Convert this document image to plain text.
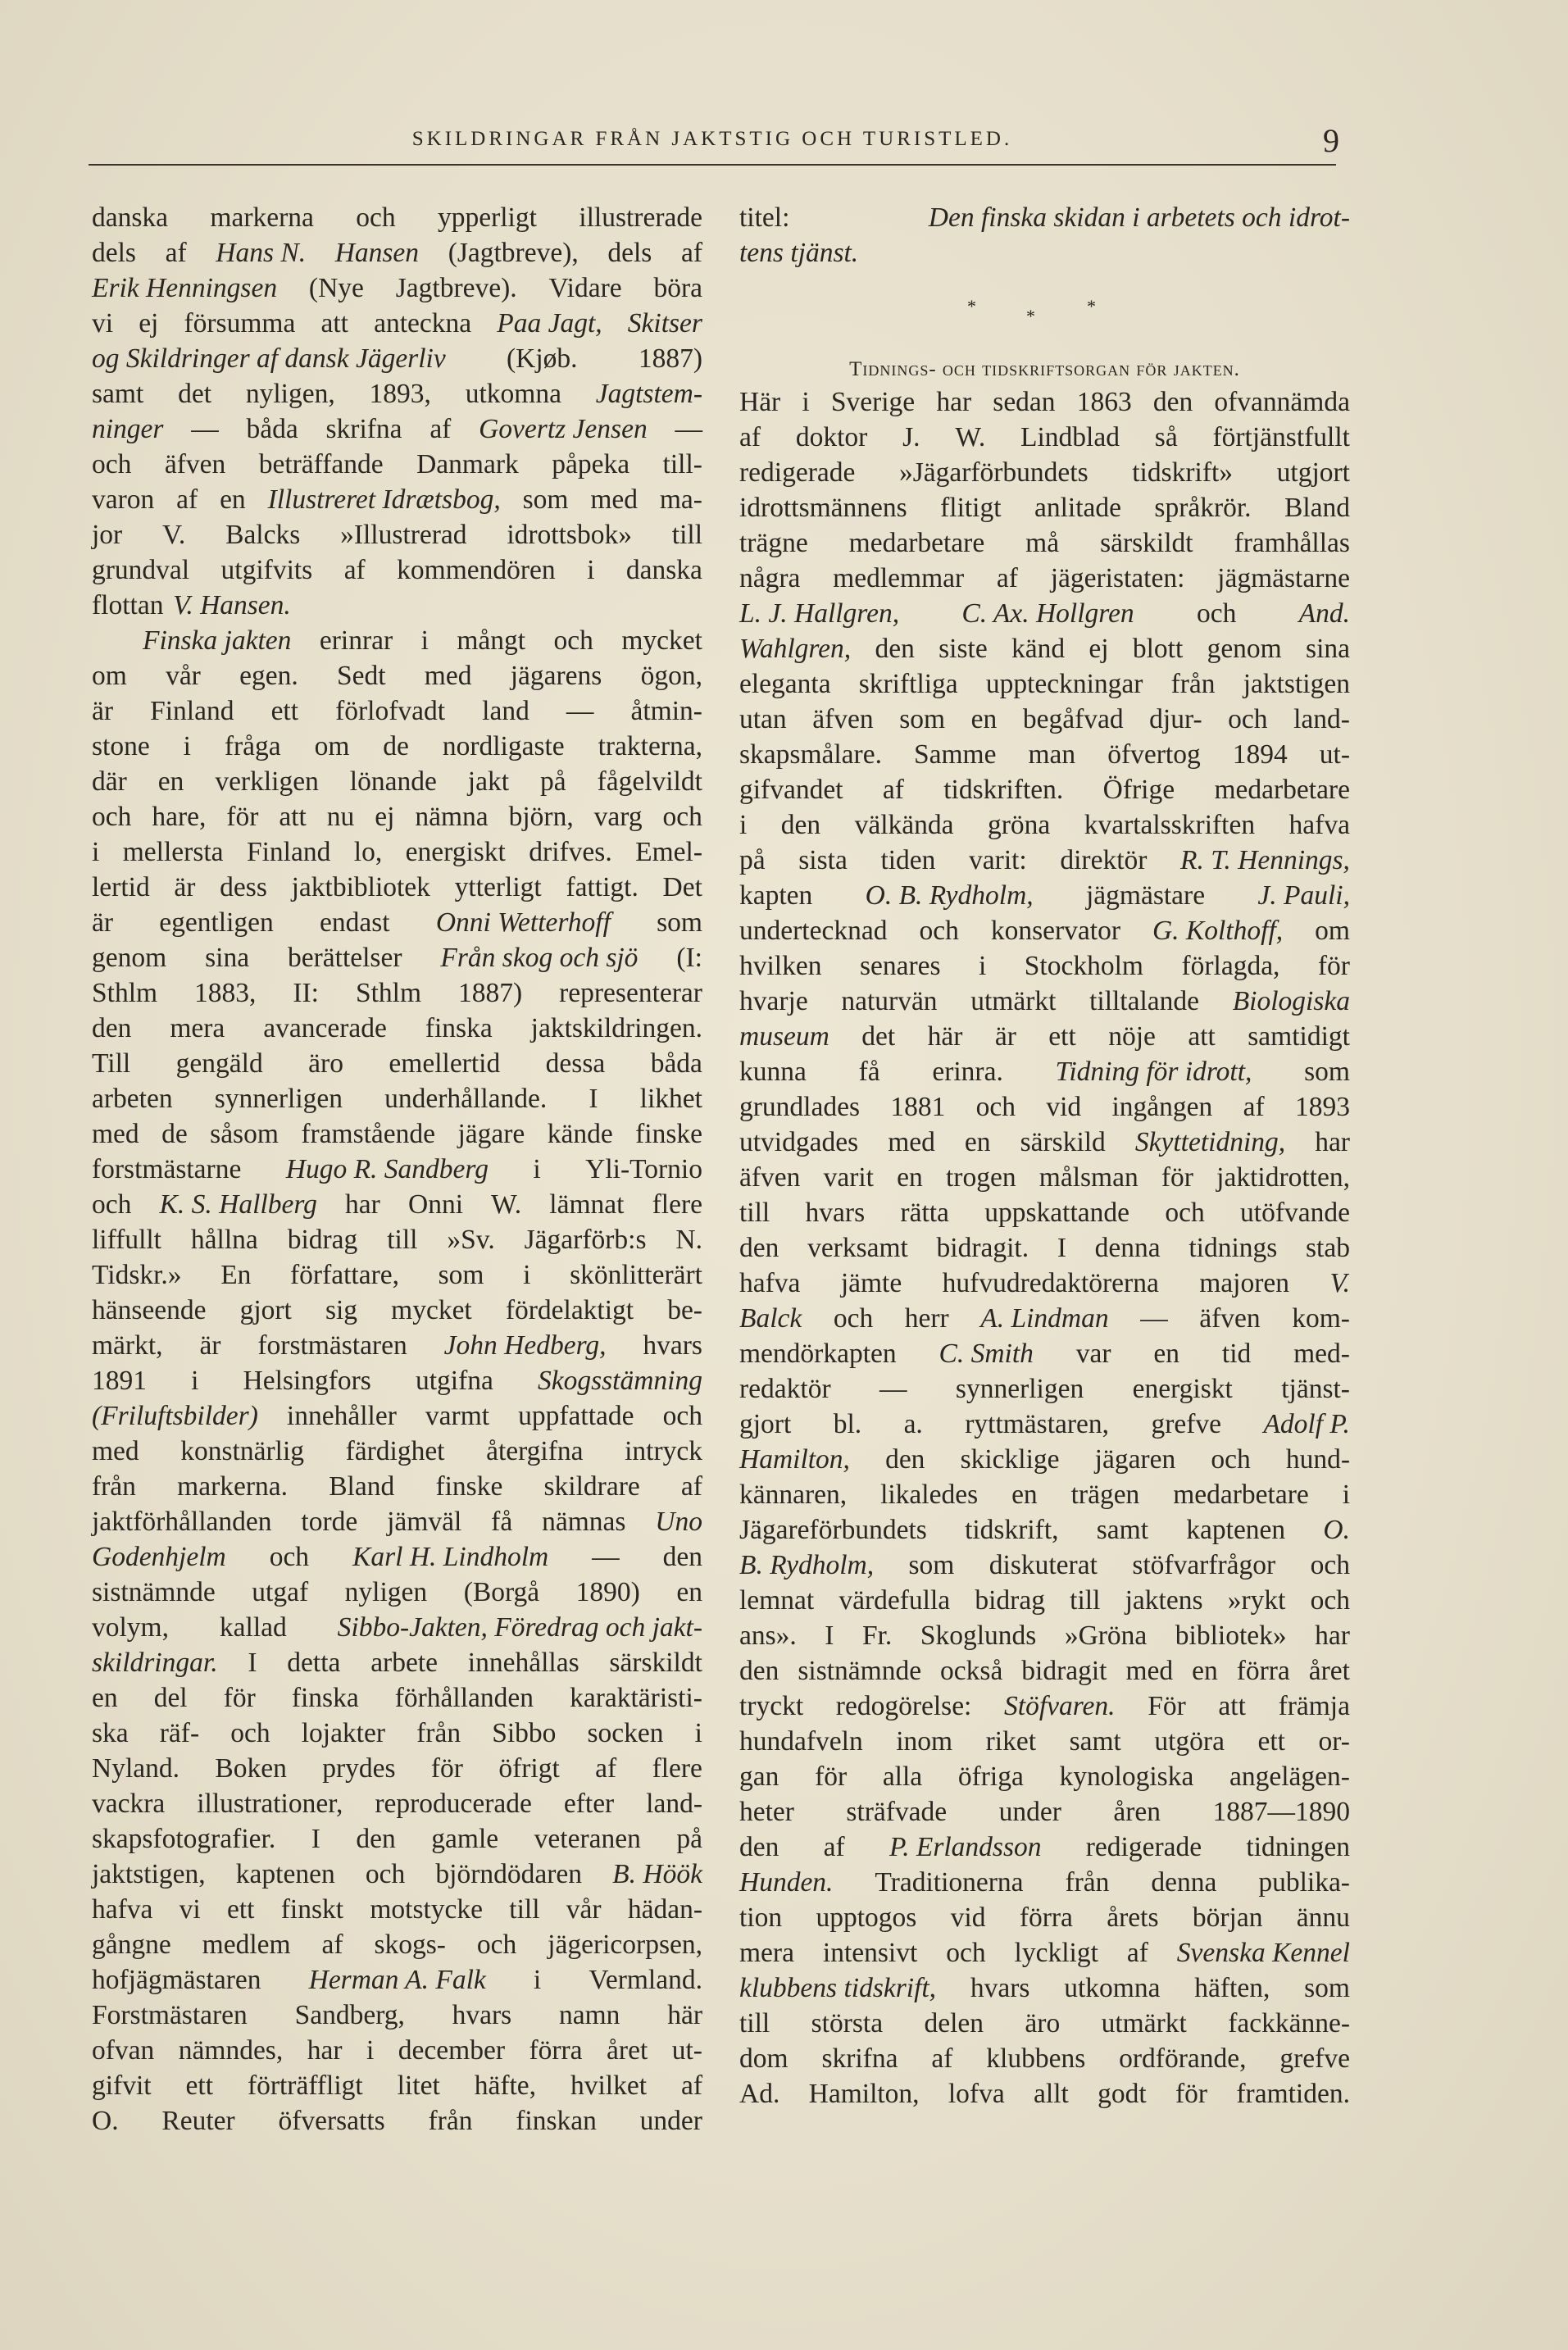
SKILDRINGAR FRÅN JAKTSTIG OCH TURISTLED.	9
danska markerna och ypperligt illustrerade
dels af Hans N. Hansen (Jagtbreve), dels af
Erik Henningsen (Nye Jagtbreve). Vidare böra
vi ej försumma att anteckna Paa Jagt, Skitser
og Skildringer af dansk Jägerliv (Kjøb. 1887)
samt det nyligen, 1893, utkomna Jagtstem-
ninger — båda skrifna af Govertz Jensen —
och äfven beträffande Danmark påpeka till-
varon af en Illustreret Idrætsbog, som med ma-
jor V. Balcks »Illustrerad idrottsbok» till
grundval utgifvits af kommendören i danska
flottan V. Hansen.
Finska jakten erinrar i mångt och mycket
om vår egen. Sedt med jägarens ögon,
är Finland ett förlofvadt land — åtmin-
stone i fråga om de nordligaste trakterna,
där en verkligen lönande jakt på fågelvildt
och hare, för att nu ej nämna björn, varg och
i mellersta Finland lo, energiskt drifves. Emel-
lertid är dess jaktbibliotek ytterligt fattigt. Det
är egentligen endast Onni Wetterhoff som
genom sina berättelser Från skog och sjö (I:
Sthlm 1883, II: Sthlm 1887) representerar
den mera avancerade finska jaktskildringen.
Till gengäld äro emellertid dessa båda
arbeten synnerligen underhållande. I likhet
med de såsom framstående jägare kände finske
forstmästarne Hugo R. Sandberg i Yli-Tornio
och K. S. Hallberg har Onni W. lämnat flere
liffullt hållna bidrag till »Sv. Jägarförb:s N.
Tidskr.» En författare, som i skönlitterärt
hänseende gjort sig mycket fördelaktigt be-
märkt, är forstmästaren John Hedberg, hvars
1891 i Helsingfors utgifna Skogsstämning
(Friluftsbilder) innehåller varmt uppfattade och
med konstnärlig färdighet återgifna intryck
från markerna. Bland finske skildrare af
jaktförhållanden torde jämväl få nämnas Uno
Godenhjelm och Karl H. Lindholm — den
sistnämnde utgaf nyligen (Borgå 1890) en
volym, kallad Sibbo-Jakten, Föredrag och jakt-
skildringar. I detta arbete innehållas särskildt
en del för finska förhållanden karaktäristi-
ska räf- och lojakter från Sibbo socken i
Nyland. Boken prydes för öfrigt af flere
vackra illustrationer, reproducerade efter land-
skapsfotografier. I den gamle veteranen på
jaktstigen, kaptenen och björndödaren B. Höök
hafva vi ett finskt motstycke till vår hädan-
gångne medlem af skogs- och jägericorpsen,
hofjägmästaren Herman A. Falk i Vermland.
Forstmästaren Sandberg, hvars namn här
ofvan nämndes, har i december förra året ut-
gifvit ett förträffligt litet häfte, hvilket af
O. Reuter öfversatts från finskan under
titel:	Den finska skidan i arbetets och idrot-
tens tjänst.
*	*	*
Tidnings- och tidskriftsorgan för jakten.
Här i Sverige har sedan 1863 den ofvannämda
af doktor J. W. Lindblad så förtjänstfullt
redigerade »Jägarförbundets tidskrift» utgjort
idrottsmännens flitigt anlitade språkrör. Bland
trägne medarbetare må särskildt framhållas
några medlemmar af jägeristaten: jägmästarne
L. J. Hallgren, C. Ax. Hollgren och And.
Wahlgren, den siste känd ej blott genom sina
eleganta skriftliga uppteckningar från jaktstigen
utan äfven som en begåfvad djur- och land-
skapsmålare. Samme man öfvertog 1894 ut-
gifvandet af tidskriften. Öfrige medarbetare
i den välkända gröna kvartalsskriften hafva
på sista tiden varit: direktör R. T. Hennings,
kapten O. B. Rydholm, jägmästare J. Pauli,
undertecknad och konservator G. Kolthoff, om
hvilken senares i Stockholm förlagda, för
hvarje naturvän utmärkt tilltalande Biologiska
museum det här är ett nöje att samtidigt
kunna få erinra. Tidning för idrott, som
grundlades 1881 och vid ingången af 1893
utvidgades med en särskild Skyttetidning, har
äfven varit en trogen målsman för jaktidrotten,
till hvars rätta uppskattande och utöfvande
den verksamt bidragit. I denna tidnings stab
hafva jämte hufvudredaktörerna majoren V.
Balck och herr A. Lindman — äfven kom-
mendörkapten C. Smith var en tid med-
redaktör — synnerligen energiskt tjänst-
gjort bl. a. ryttmästaren, grefve Adolf P.
Hamilton, den skicklige jägaren och hund-
kännaren, likaledes en trägen medarbetare i
Jägareförbundets tidskrift, samt kaptenen O.
B. Rydholm, som diskuterat stöfvarfrågor och
lemnat värdefulla bidrag till jaktens »rykt och
ans». I Fr. Skoglunds »Gröna bibliotek» har
den sistnämnde också bidragit med en förra året
tryckt redogörelse: Stöfvaren. För att främja
hundafveln inom riket samt utgöra ett or-
gan för alla öfriga kynologiska angelägen-
heter sträfvade under åren 1887—1890
den af P. Erlandsson redigerade tidningen
Hunden. Traditionerna från denna publika-
tion upptogos vid förra årets början ännu
mera intensivt och lyckligt af Svenska Kennel
klubbens tidskrift, hvars utkomna häften, som
till största delen äro utmärkt fackkänne-
dom skrifna af klubbens ordförande, grefve
Ad. Hamilton, lofva allt godt för framtiden.
